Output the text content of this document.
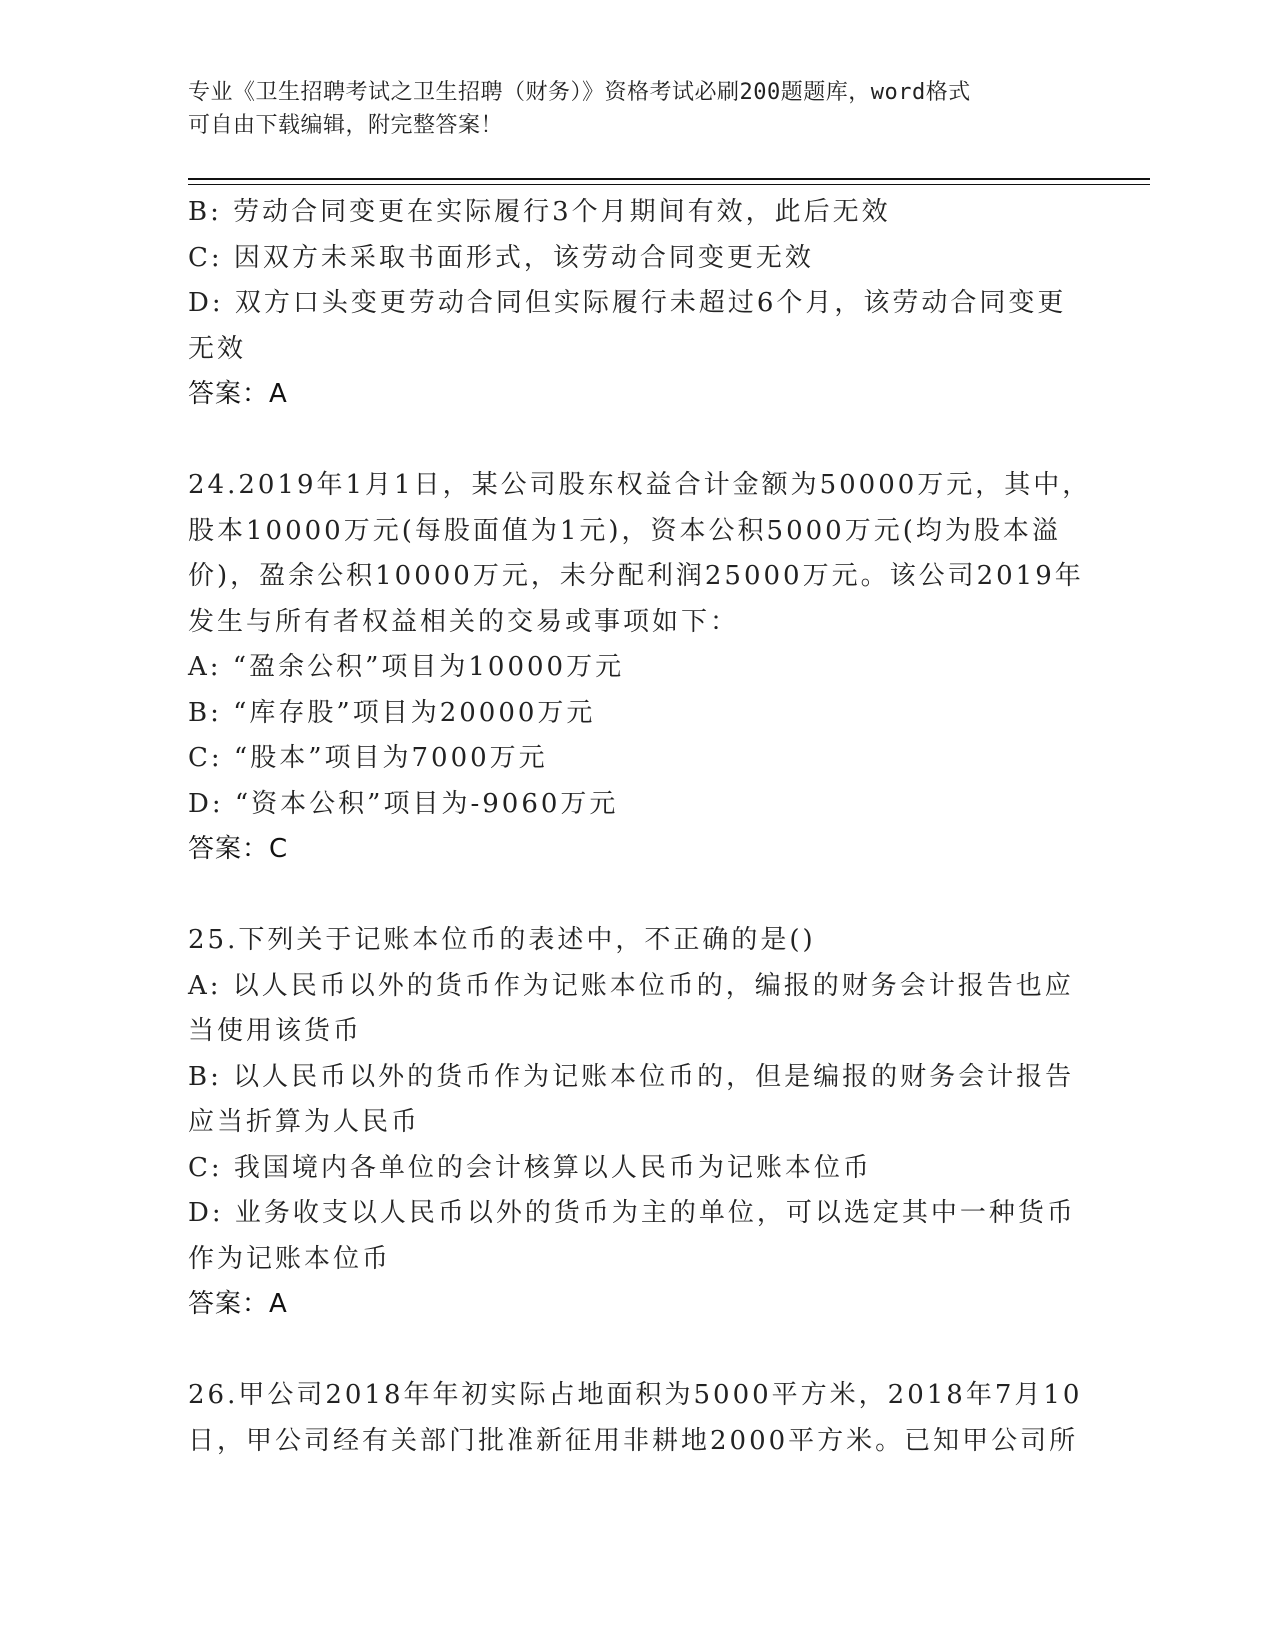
专业《卫生招聘考试之卫生招聘（财务）》资格考试必刷200题题库，word格式
可自由下载编辑，附完整答案！
B: 劳动合同变更在实际履行3个月期间有效，此后无效
C: 因双方未采取书面形式，该劳动合同变更无效
D: 双方口头变更劳动合同但实际履行未超过6个月，该劳动合同变更
无效
答案：A
24.2019年1月1日，某公司股东权益合计金额为50000万元，其中，
股本10000万元(每股面值为1元)，资本公积5000万元(均为股本溢
价)，盈余公积10000万元，未分配利润25000万元。该公司2019年
发生与所有者权益相关的交易或事项如下：
A: “盈余公积”项目为10000万元
B: “库存股”项目为20000万元
C: “股本”项目为7000万元
D: “资本公积”项目为-9060万元
答案：C
25.下列关于记账本位币的表述中，不正确的是()
A: 以人民币以外的货币作为记账本位币的，编报的财务会计报告也应
当使用该货币
B: 以人民币以外的货币作为记账本位币的，但是编报的财务会计报告
应当折算为人民币
C: 我国境内各单位的会计核算以人民币为记账本位币
D: 业务收支以人民币以外的货币为主的单位，可以选定其中一种货币
作为记账本位币
答案：A
26.甲公司2018年年初实际占地面积为5000平方米，2018年7月10
日，甲公司经有关部门批准新征用非耕地2000平方米。已知甲公司所
